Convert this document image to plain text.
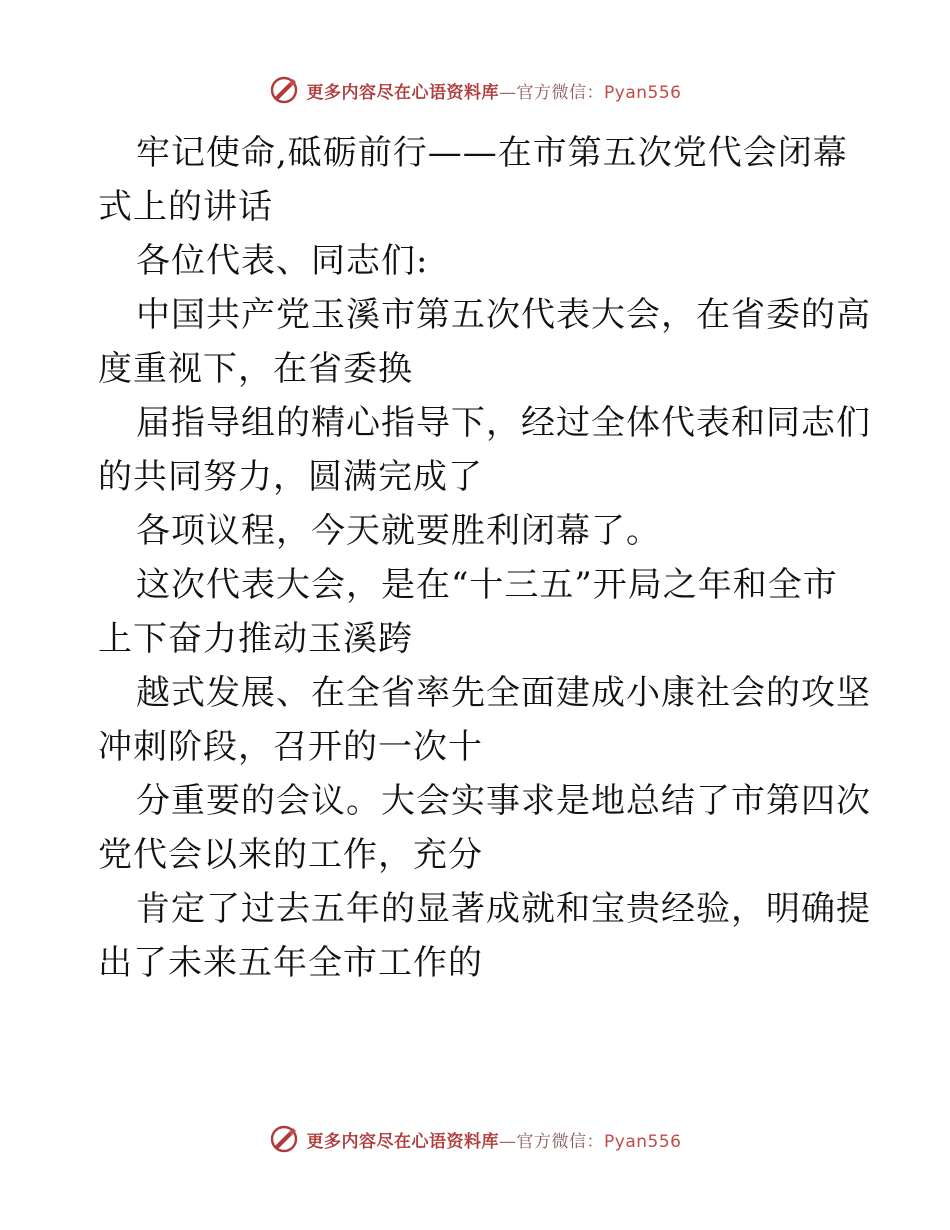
更多内容尽在心语资料库—官方微信：Pyan556

牢记使命,砥砺前行——在市第五次党代会闭幕
式上的讲话

各位代表、同志们:

中国共产党玉溪市第五次代表大会，在省委的高
度重视下，在省委换

届指导组的精心指导下，经过全体代表和同志们
的共同努力，圆满完成了

各项议程，今天就要胜利闭幕了。

这次代表大会，是在“十三五”开局之年和全市
上下奋力推动玉溪跨

越式发展、在全省率先全面建成小康社会的攻坚
冲刺阶段，召开的一次十

分重要的会议。大会实事求是地总结了市第四次
党代会以来的工作，充分

肯定了过去五年的显著成就和宝贵经验，明确提
出了未来五年全市工作的

更多内容尽在心语资料库—官方微信：Pyan556
